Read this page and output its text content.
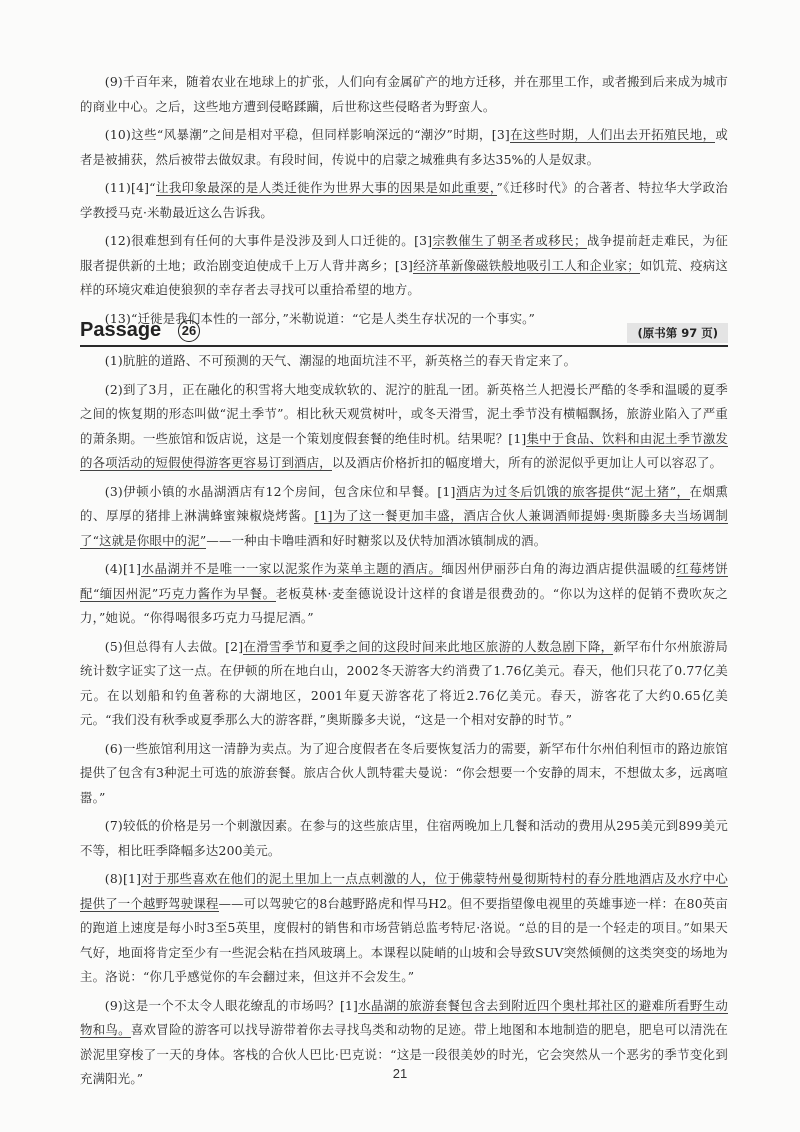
(9)千百年来，随着农业在地球上的扩张，人们向有金属矿产的地方迁移，并在那里工作，或者搬到后来成为城市的商业中心。之后，这些地方遭到侵略蹂躏，后世称这些侵略者为野蛮人。

(10)这些“风暴潮”之间是相对平稳，但同样影响深远的“潮汐”时期，[3]在这些时期，人们出去开拓殖民地，或者是被捕获，然后被带去做奴隶。有段时间，传说中的启蒙之城雅典有多达35%的人是奴隶。

(11)[4]“让我印象最深的是人类迁徙作为世界大事的因果是如此重要，”《迁移时代》的合著者、特拉华大学政治学教授马克·米勒最近这么告诉我。

(12)很难想到有任何的大事件是没涉及到人口迁徙的。[3]宗教催生了朝圣者或移民；战争提前赶走难民，为征服者提供新的土地；政治剧变迫使成千上万人背井离乡；[3]经济革新像磁铁般地吸引工人和企业家；如饥荒、疫病这样的环境灾难迫使狼狈的幸存者去寻找可以重拾希望的地方。

(13)“迁徙是我们本性的一部分，”米勒说道：“它是人类生存状况的一个事实。”

Passage 26	(原书第 97 页)

(1)肮脏的道路、不可预测的天气、潮湿的地面坑洼不平，新英格兰的春天肯定来了。

(2)到了3月，正在融化的积雪将大地变成软软的、泥泞的脏乱一团。新英格兰人把漫长严酷的冬季和温暖的夏季之间的恢复期的形态叫做“泥土季节”。相比秋天观赏树叶，或冬天滑雪，泥土季节没有横幅飘扬，旅游业陷入了严重的萧条期。一些旅馆和饭店说，这是一个策划度假套餐的绝佳时机。结果呢？[1]集中于食品、饮料和由泥土季节激发的各项活动的短假使得游客更容易订到酒店，以及酒店价格折扣的幅度增大，所有的淤泥似乎更加让人可以容忍了。

(3)伊顿小镇的水晶湖酒店有12个房间，包含床位和早餐。[1]酒店为过冬后饥饿的旅客提供“泥土猪”，在烟熏的、厚厚的猪排上淋满蜂蜜辣椒烧烤酱。[1]为了这一餐更加丰盛，酒店合伙人兼调酒师提姆·奥斯滕多夫当场调制了“这就是你眼中的泥”——一种由卡噜哇酒和好时糖浆以及伏特加酒冰镇制成的酒。

(4)[1]水晶湖并不是唯一一家以泥浆作为菜单主题的酒店。缅因州伊丽莎白角的海边酒店提供温暖的红莓烤饼配“缅因州泥”巧克力酱作为早餐。老板莫林·麦奎德说设计这样的食谱是很费劲的。“你以为这样的促销不费吹灰之力，”她说。“你得喝很多巧克力马提尼酒。”

(5)但总得有人去做。[2]在滑雪季节和夏季之间的这段时间来此地区旅游的人数急剧下降，新罕布什尔州旅游局统计数字证实了这一点。在伊顿的所在地白山，2002冬天游客大约消费了1.76亿美元。春天，他们只花了0.77亿美元。在以划船和钓鱼著称的大湖地区，2001年夏天游客花了将近2.76亿美元。春天，游客花了大约0.65亿美元。“我们没有秋季或夏季那么大的游客群，”奥斯滕多夫说，“这是一个相对安静的时节。”

(6)一些旅馆利用这一清静为卖点。为了迎合度假者在冬后要恢复活力的需要，新罕布什尔州伯利恒市的路边旅馆提供了包含有3种泥土可选的旅游套餐。旅店合伙人凯特霍夫曼说：“你会想要一个安静的周末，不想做太多，远离喧嚣。”

(7)较低的价格是另一个刺激因素。在参与的这些旅店里，住宿两晚加上几餐和活动的费用从295美元到899美元不等，相比旺季降幅多达200美元。

(8)[1]对于那些喜欢在他们的泥土里加上一点点刺激的人，位于佛蒙特州曼彻斯特村的春分胜地酒店及水疗中心提供了一个越野驾驶课程——可以驾驶它的8台越野路虎和悍马H2。但不要指望像电视里的英雄事迹一样：在80英亩的跑道上速度是每小时3至5英里，度假村的销售和市场营销总监考特尼·洛说。“总的目的是一个轻走的项目。”如果天气好，地面将肯定至少有一些泥会粘在挡风玻璃上。本课程以陡峭的山坡和会导致SUV突然倾侧的这类突变的场地为主。洛说：“你几乎感觉你的车会翻过来，但这并不会发生。”

(9)这是一个不太令人眼花缭乱的市场吗？[1]水晶湖的旅游套餐包含去到附近四个奥杜邦社区的避难所看野生动物和鸟。喜欢冒险的游客可以找导游带着你去寻找鸟类和动物的足迹。带上地图和本地制造的肥皂，肥皂可以清洗在淤泥里穿梭了一天的身体。客栈的合伙人巴比·巴克说：“这是一段很美妙的时光，它会突然从一个恶劣的季节变化到充满阳光。”	21
